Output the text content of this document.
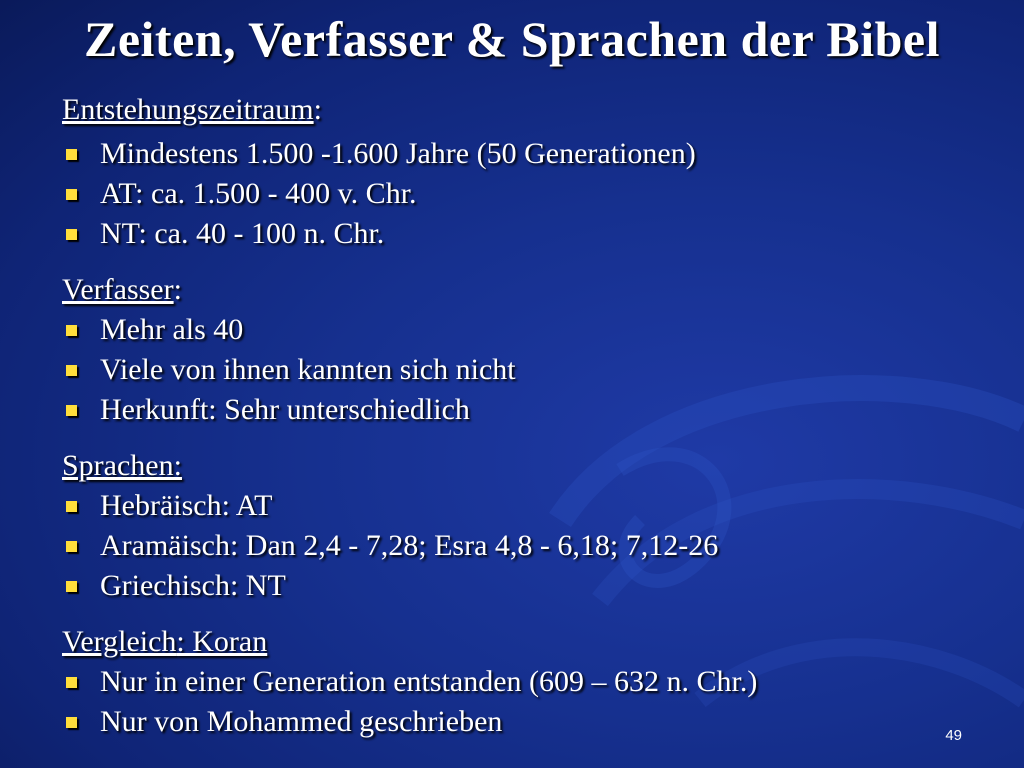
Zeiten, Verfasser & Sprachen der Bibel
Entstehungszeitraum:
Mindestens 1.500 -1.600 Jahre (50 Generationen)
AT: ca. 1.500 - 400 v. Chr.
NT: ca. 40 - 100 n. Chr.
Verfasser:
Mehr als 40
Viele von ihnen kannten sich nicht
Herkunft: Sehr unterschiedlich
Sprachen:
Hebräisch: AT
Aramäisch: Dan 2,4 - 7,28; Esra 4,8 - 6,18; 7,12-26
Griechisch: NT
Vergleich: Koran
Nur in einer Generation entstanden (609 – 632 n. Chr.)
Nur von Mohammed geschrieben	49
